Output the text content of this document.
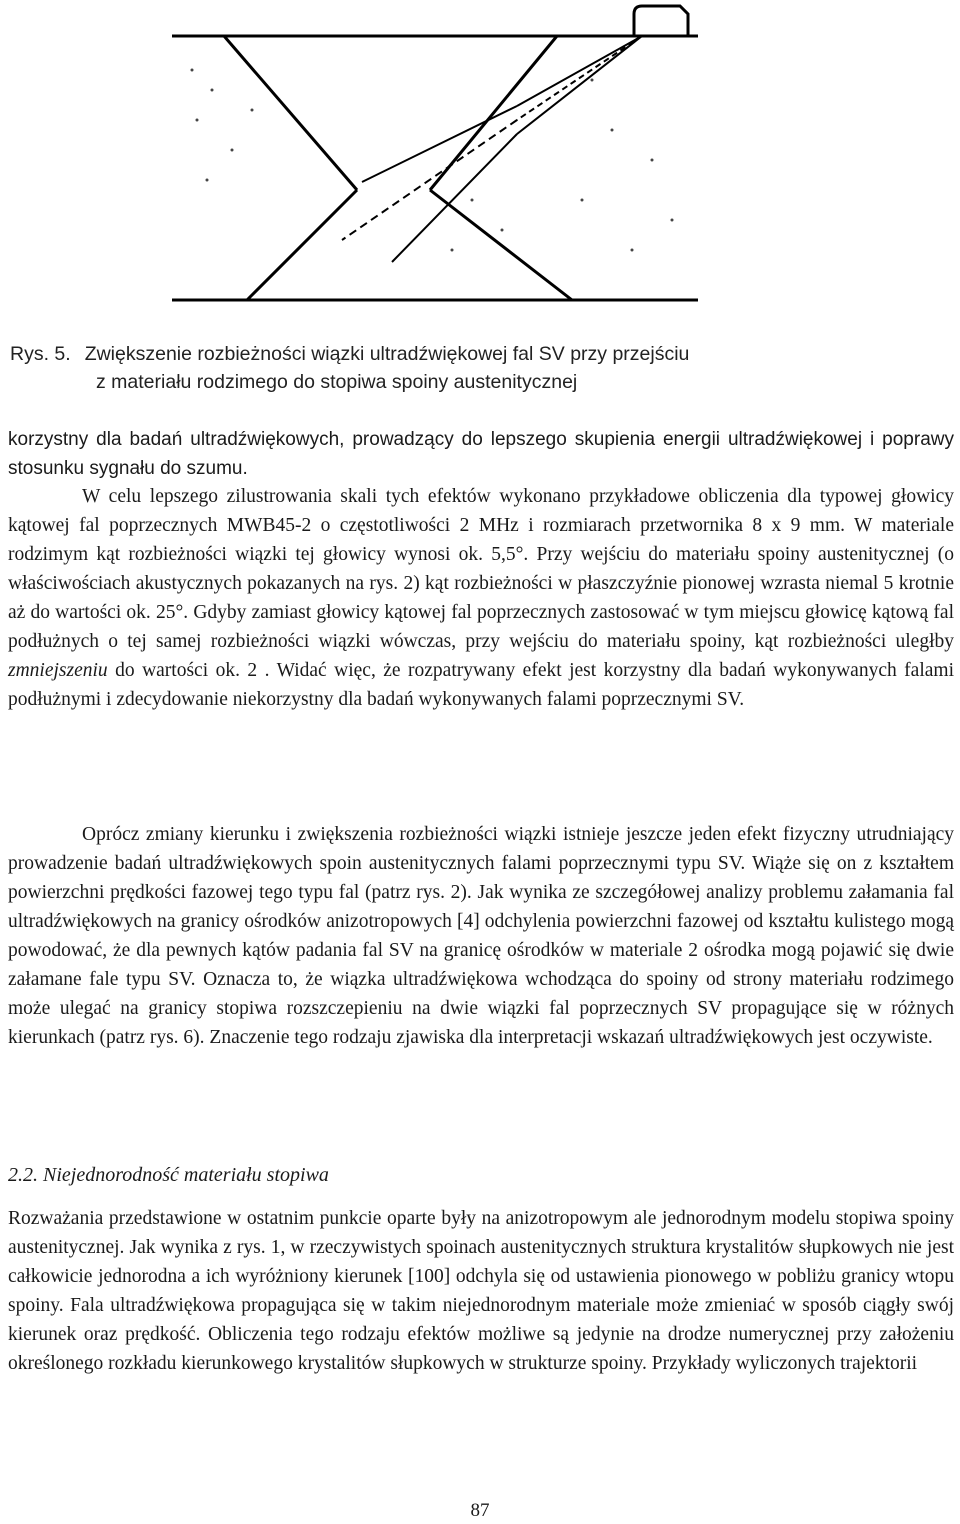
Rys. 5. Zwiększenie rozbieżności wiązki ultradźwiękowej fal SV przy przejściu
z materiału rodzimego do stopiwa spoiny austenitycznej

korzystny dla badań ultradźwiękowych, prowadzący do lepszego skupienia energii ultradźwiękowej i poprawy stosunku sygnału do szumu.

W celu lepszego zilustrowania skali tych efektów wykonano przykładowe obliczenia dla typowej głowicy kątowej fal poprzecznych MWB45-2 o częstotliwości 2 MHz i rozmiarach przetwornika 8 x 9 mm. W materiale rodzimym kąt rozbieżności wiązki tej głowicy wynosi ok. 5,5°. Przy wejściu do materiału spoiny austenitycznej (o właściwościach akustycznych pokazanych na rys. 2) kąt rozbieżności w płaszczyźnie pionowej wzrasta niemal 5 krotnie aż do wartości ok. 25°. Gdyby zamiast głowicy kątowej fal poprzecznych zastosować w tym miejscu głowicę kątową fal podłużnych o tej samej rozbieżności wiązki wówczas, przy wejściu do materiału spoiny, kąt rozbieżności uległby zmniejszeniu do wartości ok. 2 . Widać więc, że rozpatrywany efekt jest korzystny dla badań wykonywanych falami podłużnymi i zdecydowanie niekorzystny dla badań wykonywanych falami poprzecznymi SV.

Oprócz zmiany kierunku i zwiększenia rozbieżności wiązki istnieje jeszcze jeden efekt fizyczny utrudniający prowadzenie badań ultradźwiękowych spoin austenitycznych falami poprzecznymi typu SV. Wiąże się on z kształtem powierzchni prędkości fazowej tego typu fal (patrz rys. 2). Jak wynika ze szczegółowej analizy problemu załamania fal ultradźwiękowych na granicy ośrodków anizotropowych [4] odchylenia powierzchni fazowej od kształtu kulistego mogą powodować, że dla pewnych kątów padania fal SV na granicę ośrodków w materiale 2 ośrodka mogą pojawić się dwie załamane fale typu SV. Oznacza to, że wiązka ultradźwiękowa wchodząca do spoiny od strony materiału rodzimego może ulegać na granicy stopiwa rozszczepieniu na dwie wiązki fal poprzecznych SV propagujące się w różnych kierunkach (patrz rys. 6). Znaczenie tego rodzaju zjawiska dla interpretacji wskazań ultradźwiękowych jest oczywiste.

2.2. Niejednorodność materiału stopiwa

Rozważania przedstawione w ostatnim punkcie oparte były na anizotropowym ale jednorodnym modelu stopiwa spoiny austenitycznej. Jak wynika z rys. 1, w rzeczywistych spoinach austenitycznych struktura krystalitów słupkowych nie jest całkowicie jednorodna a ich wyróżniony kierunek [100] odchyla się od ustawienia pionowego w pobliżu granicy wtopu spoiny. Fala ultradźwiękowa propagująca się w takim niejednorodnym materiale może zmieniać w sposób ciągły swój kierunek oraz prędkość. Obliczenia tego rodzaju efektów możliwe są jedynie na drodze numerycznej przy założeniu określonego rozkładu kierunkowego krystalitów słupkowych w strukturze spoiny. Przykłady wyliczonych trajektorii

87
